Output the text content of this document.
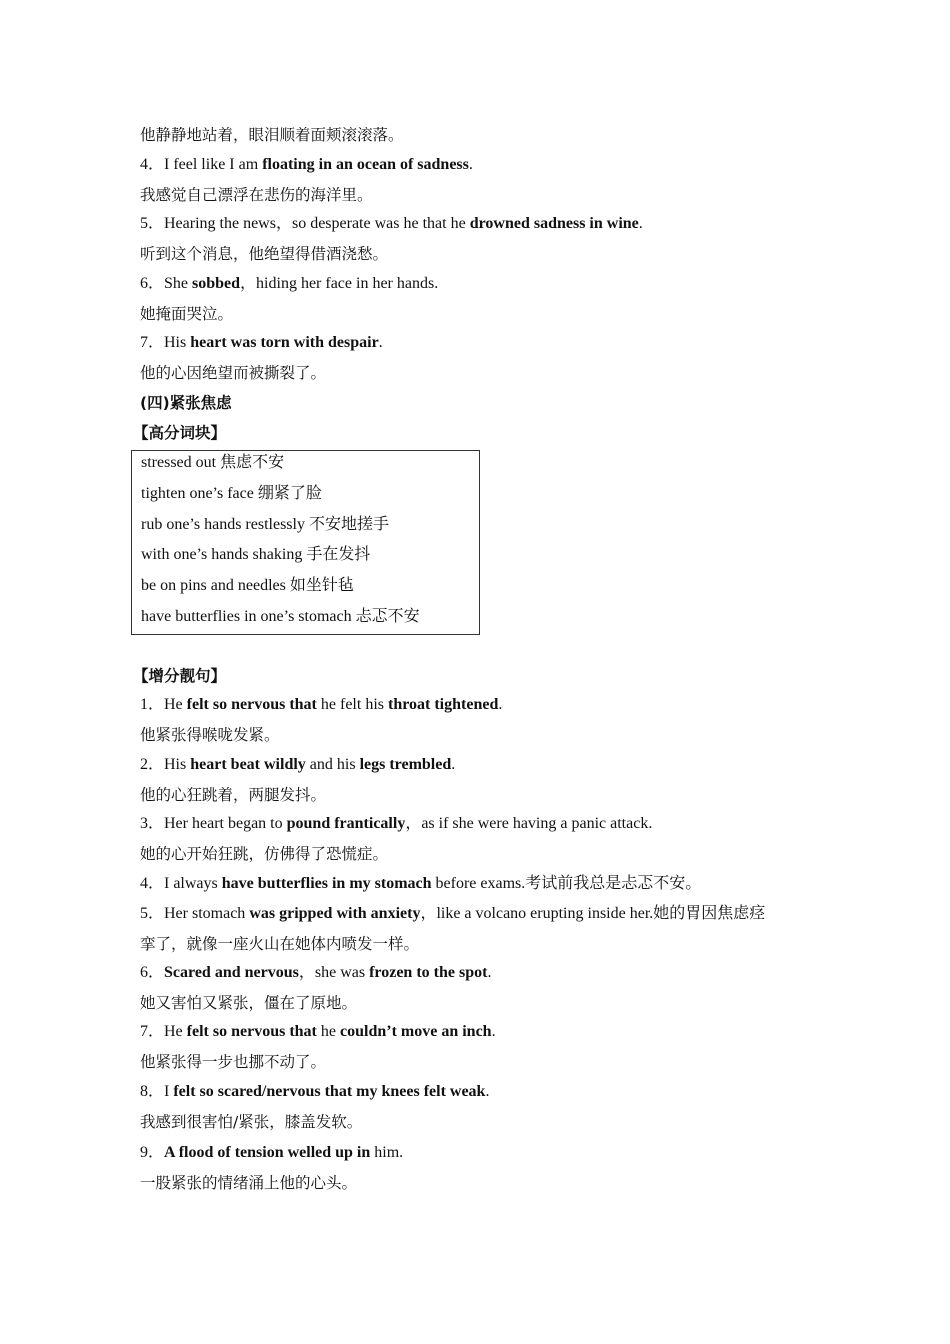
他静静地站着，眼泪顺着面颊滚滚落。
4．I feel like I am floating in an ocean of sadness.
我感觉自己漂浮在悲伤的海洋里。
5．Hearing the news，so desperate was he that he drowned sadness in wine.
听到这个消息，他绝望得借酒浇愁。
6．She sobbed，hiding her face in her hands.
她掩面哭泣。
7．His heart was torn with despair.
他的心因绝望而被撕裂了。
(四)紧张焦虑
【高分词块】
stressed out 焦虑不安
tighten one’s face 绷紧了脸
rub one’s hands restlessly 不安地搓手
with one’s hands shaking 手在发抖
be on pins and needles 如坐针毡
have butterflies in one’s stomach 忐忑不安
【增分靓句】
1．He felt so nervous that he felt his throat tightened.
他紧张得喉咙发紧。
2．His heart beat wildly and his legs trembled.
他的心狂跳着，两腿发抖。
3．Her heart began to pound frantically，as if she were having a panic attack.
她的心开始狂跳，仿佛得了恐慌症。
4．I always have butterflies in my stomach before exams.考试前我总是忐忑不安。
5．Her stomach was gripped with anxiety，like a volcano erupting inside her.她的胃因焦虑痉
挛了，就像一座火山在她体内喷发一样。
6．Scared and nervous，she was frozen to the spot.
她又害怕又紧张，僵在了原地。
7．He felt so nervous that he couldn’t move an inch.
他紧张得一步也挪不动了。
8．I felt so scared/nervous that my knees felt weak.
我感到很害怕/紧张，膝盖发软。
9．A flood of tension welled up in him.
一股紧张的情绪涌上他的心头。
